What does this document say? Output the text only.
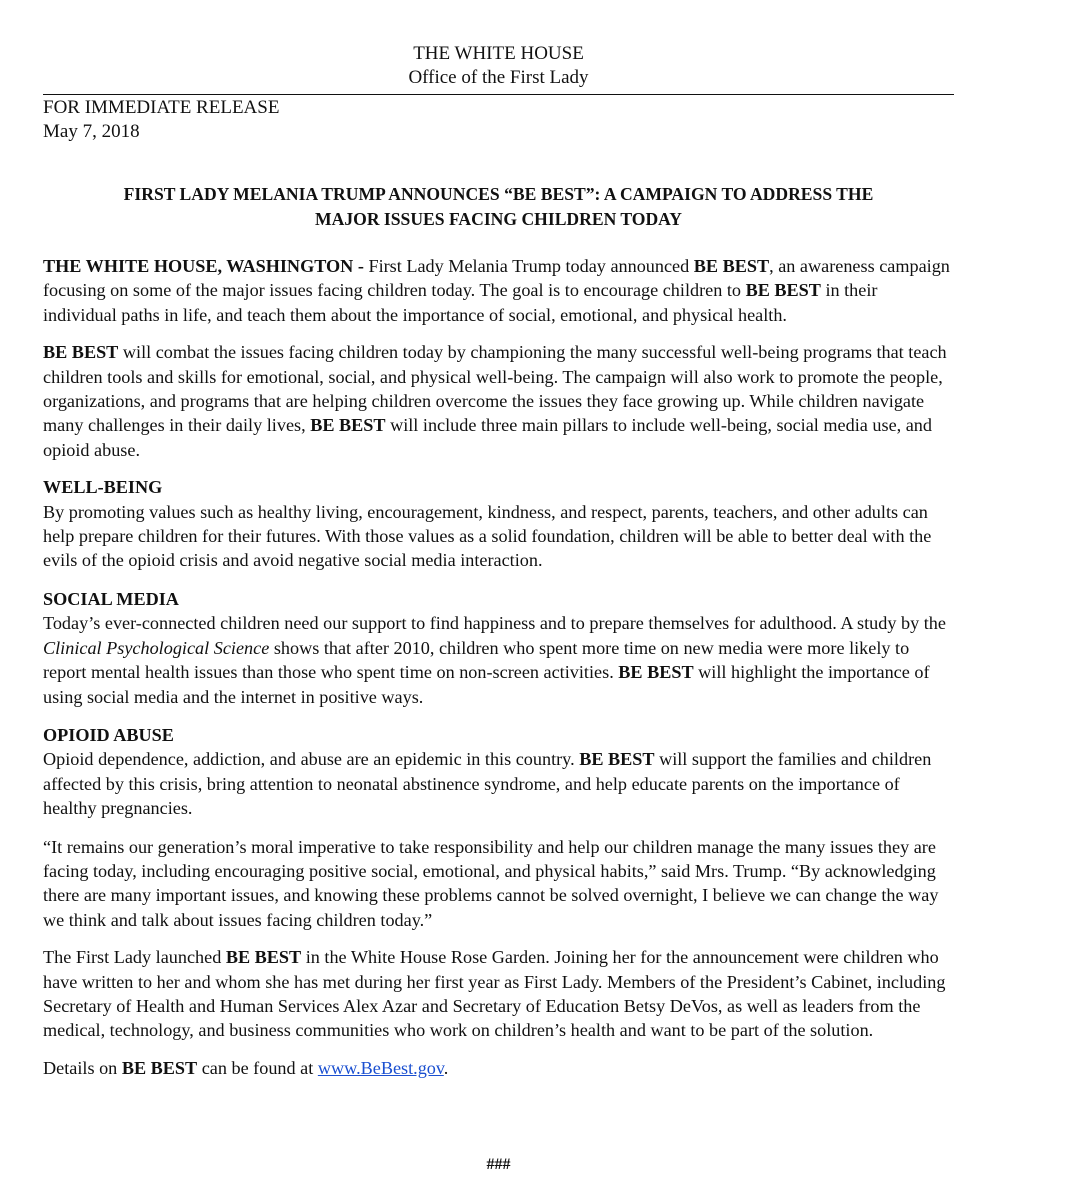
THE WHITE HOUSE
Office of the First Lady
FOR IMMEDIATE RELEASE
May 7, 2018
FIRST LADY MELANIA TRUMP ANNOUNCES “BE BEST”: A CAMPAIGN TO ADDRESS THE
MAJOR ISSUES FACING CHILDREN TODAY

THE WHITE HOUSE, WASHINGTON - First Lady Melania Trump today announced BE BEST, an awareness campaign focusing on some of the major issues facing children today. The goal is to encourage children to BE BEST in their individual paths in life, and teach them about the importance of social, emotional, and physical health.

BE BEST will combat the issues facing children today by championing the many successful well-being programs that teach children tools and skills for emotional, social, and physical well-being. The campaign will also work to promote the people, organizations, and programs that are helping children overcome the issues they face growing up. While children navigate many challenges in their daily lives, BE BEST will include three main pillars to include well-being, social media use, and opioid abuse.

WELL-BEING
By promoting values such as healthy living, encouragement, kindness, and respect, parents, teachers, and other adults can help prepare children for their futures. With those values as a solid foundation, children will be able to better deal with the evils of the opioid crisis and avoid negative social media interaction.

SOCIAL MEDIA
Today’s ever-connected children need our support to find happiness and to prepare themselves for adulthood. A study by the Clinical Psychological Science shows that after 2010, children who spent more time on new media were more likely to report mental health issues than those who spent time on non-screen activities. BE BEST will highlight the importance of using social media and the internet in positive ways.

OPIOID ABUSE
Opioid dependence, addiction, and abuse are an epidemic in this country. BE BEST will support the families and children affected by this crisis, bring attention to neonatal abstinence syndrome, and help educate parents on the importance of healthy pregnancies.

“It remains our generation’s moral imperative to take responsibility and help our children manage the many issues they are facing today, including encouraging positive social, emotional, and physical habits,” said Mrs. Trump. “By acknowledging there are many important issues, and knowing these problems cannot be solved overnight, I believe we can change the way we think and talk about issues facing children today.”

The First Lady launched BE BEST in the White House Rose Garden. Joining her for the announcement were children who have written to her and whom she has met during her first year as First Lady. Members of the President’s Cabinet, including Secretary of Health and Human Services Alex Azar and Secretary of Education Betsy DeVos, as well as leaders from the medical, technology, and business communities who work on children’s health and want to be part of the solution.

Details on BE BEST can be found at www.BeBest.gov.

###
